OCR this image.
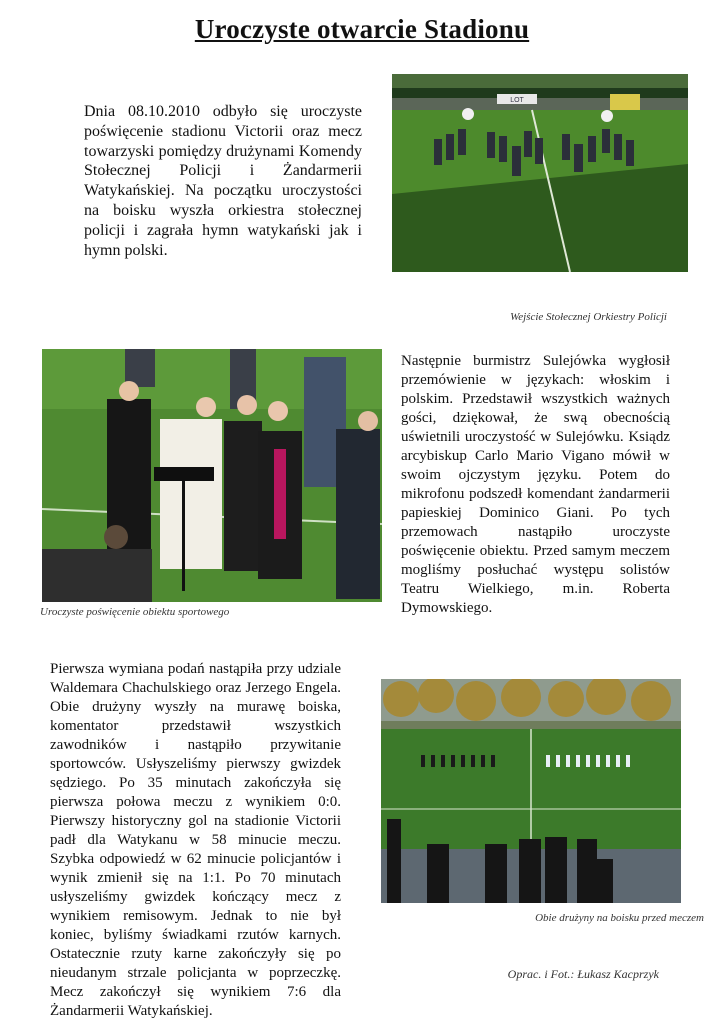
Uroczyste otwarcie Stadionu

Dnia 08.10.2010 odbyło się uroczyste poświęcenie stadionu Victorii oraz mecz towarzyski pomiędzy drużynami Komendy Stołecznej Policji i Żandarmerii Watykańskiej. Na początku uroczystości na boisku wyszła orkiestra stołecznej policji i zagrała hymn watykański jak i hymn polski.

LOT
Wejście Stołecznej Orkiestry Policji
Uroczyste poświęcenie obiektu sportowego

Następnie burmistrz Sulejówka wygłosił przemówienie w językach: włoskim i polskim. Przedstawił wszystkich ważnych gości, dziękował, że swą obecnością uświetnili uroczystość w Sulejówku. Ksiądz arcybiskup Carlo Mario Vigano mówił w swoim ojczystym języku. Potem do mikrofonu podszedł komendant żandarmerii papieskiej Dominico Giani. Po tych przemowach nastąpiło uroczyste poświęcenie obiektu. Przed samym meczem mogliśmy posłuchać występu solistów Teatru Wielkiego, m.in. Roberta Dymowskiego.

Pierwsza wymiana podań nastąpiła przy udziale Waldemara Chachulskiego oraz Jerzego Engela. Obie drużyny wyszły na murawę boiska, komentator przedstawił wszystkich zawodników i nastąpiło przywitanie sportowców. Usłyszeliśmy pierwszy gwizdek sędziego. Po 35 minutach zakończyła się pierwsza połowa meczu z wynikiem 0:0. Pierwszy historyczny gol na stadionie Victorii padł dla Watykanu w 58 minucie meczu. Szybka odpowiedź w 62 minucie policjantów i wynik zmienił się na 1:1. Po 70 minutach usłyszeliśmy gwizdek kończący mecz z wynikiem remisowym. Jednak to nie był koniec, byliśmy świadkami rzutów karnych. Ostatecznie rzuty karne zakończyły się po nieudanym strzale policjanta w poprzeczkę. Mecz zakończył się wynikiem 7:6 dla Żandarmerii Watykańskiej.

Obie drużyny na boisku przed meczem
Oprac. i Fot.: Łukasz Kacprzyk
